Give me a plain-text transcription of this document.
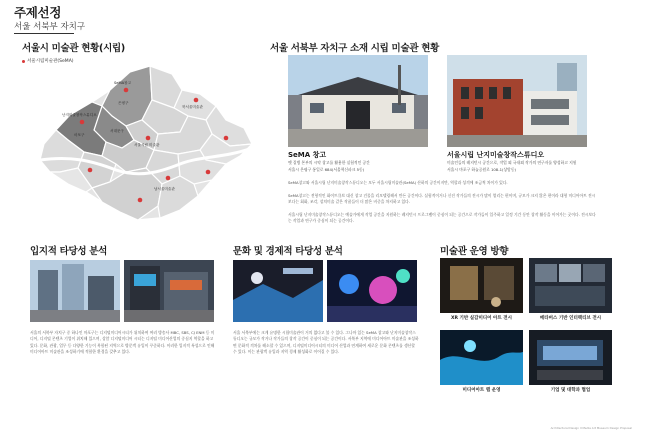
주제선정
서울 서북부 자치구
서울시 미술관 현황(시립)
서울시립미술관(SeMA)
은평구
서대문구
마포구
북서울미술관
서울시립 미술관
난지미술창작스튜디오
SeMA창고
남서울미술관
서울 서북부 자치구 소재 시립 미술관 현황
SeMA 창고
옛 질병 본부의 시약 창고를 활용한 실험적인 공간
서울시 은평구 통일로 684(서울혁신파크 5동)
서울시립 난지미술창작스튜디오
미술인들의 레지던시 공간으로, 작업 외 국내외 작가의 연구자를 양성하고 지원
서울시 마포구 하늘공원로 108-1(상암동)
SeMA창고와 서울시립 난지미술창작스튜디오는 모두 서울시립미술관(SeMA) 산하의 공간이지만, 역할과 성격에 조금씩 차이가 있다.
SeMA창고는 전형적인 화이트큐브 대신 창고 건물을 리모델링해서 만든 공간이다. 실험적이거나 신진 작가들의 전시가 많이 열리는 편이며, 규모가 크지 않은 편이라 대형 미디어아트 전시보다는 회화, 조각, 설치미술 같은 작품들이 더 많은 비중을 차지하고 있다.
서울시립 난지미술창작스튜디오는 예술가에게 작업 공간을 지원하는 레지던시 프로그램이 중심이 되는 공간으로 작가들이 입주하고 일정 기간 동안 창작 활동을 이어가는 곳이다. 전시보다는 작업과 연구가 중심이 되는 공간이다.
입지적 타당성 분석
서울의 서북부 자치구 중 하나인 마포구는 디지털미디어시티가 위치하여 여러 방송사 MBC, SBS, CJ ENM 등 미디어, 디지털 콘텐츠 기업이 위치해 있으며, 상암 디지털미디어 시티는 디지털 미디어산업의 중심지 역할을 하고 있다. 문화, 관광, 업무 등 다양한 기능이 복합된 지역으로 방문객 유입이 꾸준하다. 이러한 입지적 특성으로 인해 미디어아트 미술관을 조성하기에 적합한 환경을 갖추고 있다.
문화 및 경제적 타당성 분석
서울 서북부에는 크게 유명한 시립미술관이 거의 없다고 볼 수 있다. 그나마 있는 SeMA 창고와 난지미술창작스튜디오는 규모가 작거나 작가들의 창작 공간이 중심이 되는 공간이다. 서북부 지역에 미디어아트 미술관을 조성하면 문화적 격차를 해소할 수 있으며, 디지털미디어시티의 미디어 산업과 연계하여 새로운 문화 콘텐츠를 생산할 수 있다. 이는 관광객 유입과 지역 경제 활성화로 이어질 수 있다.
미술관 운영 방향
XR 기반 실감미디어 아트 전시	메타버스 기반 인터랙티브 전시
미디어아트 랩 운영	기업 및 대학과 협업
Architectural Design II Media Art Museum Design Proposal
